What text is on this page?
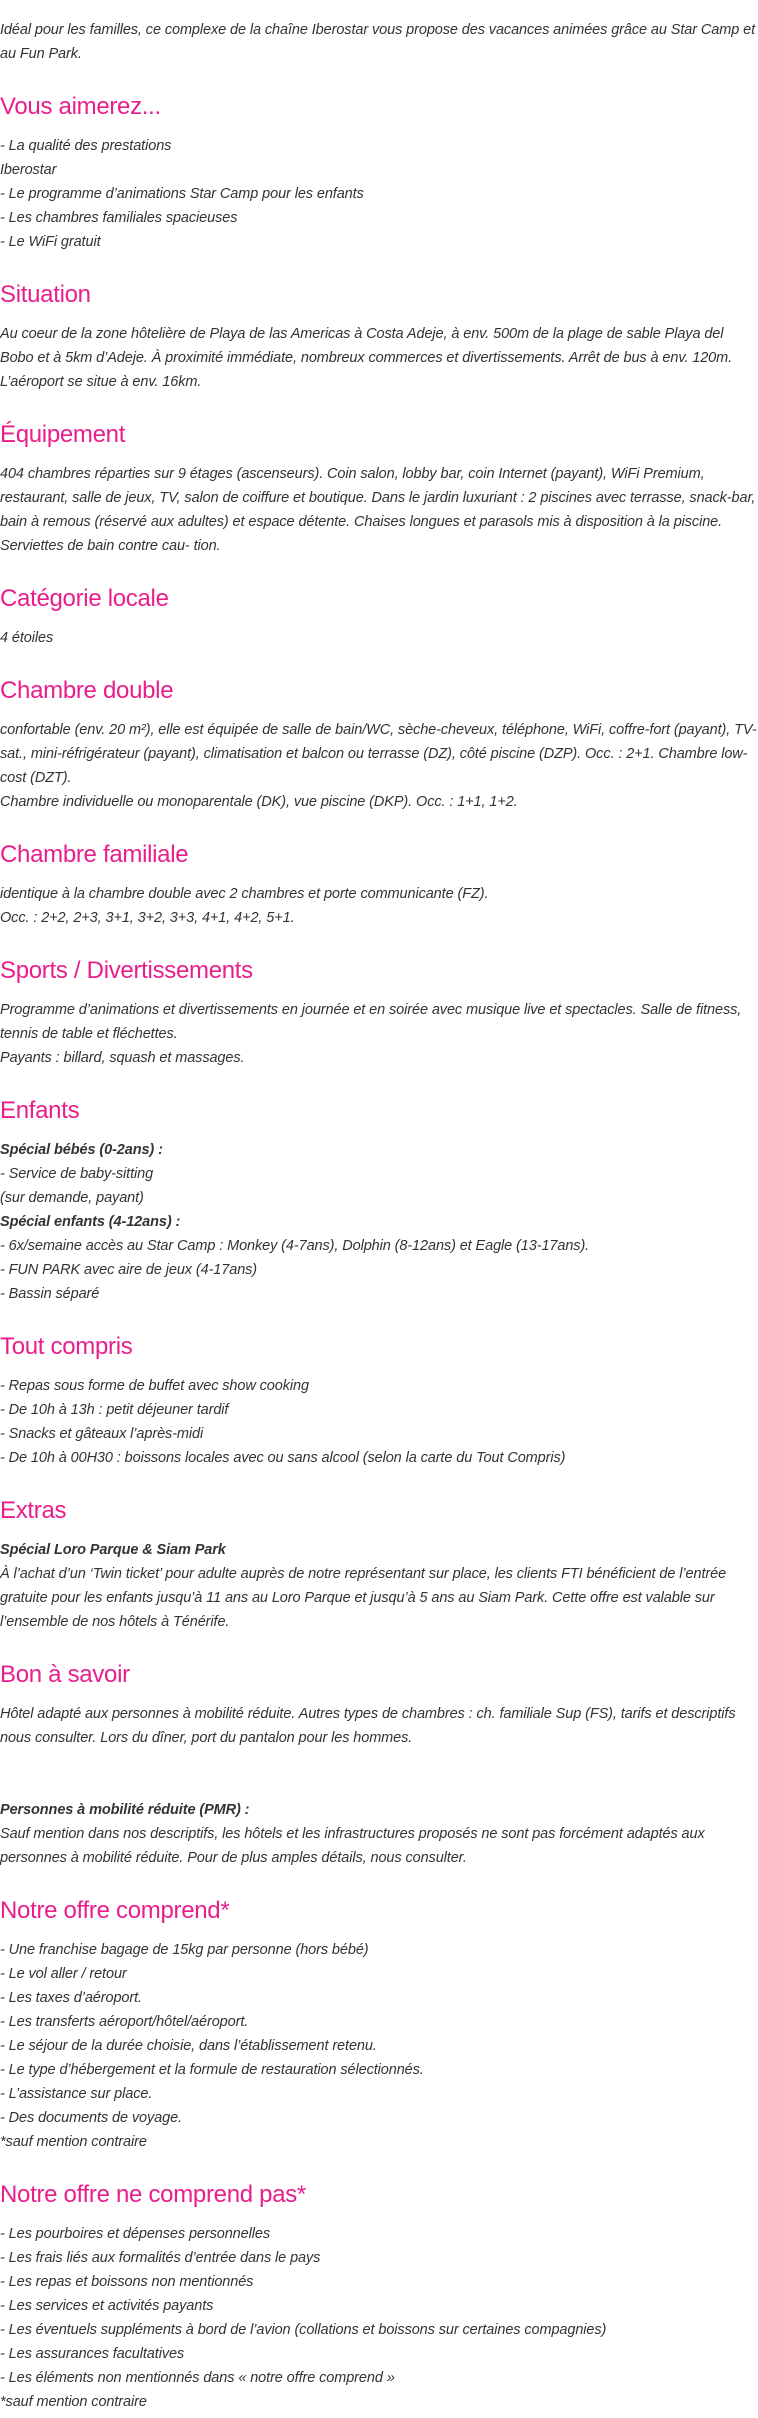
Idéal pour les familles, ce complexe de la chaîne Iberostar vous propose des vacances animées grâce au Star Camp et au Fun Park.

Vous aimerez...

- La qualité des prestations

Iberostar

- Le programme d’animations Star Camp pour les enfants

- Les chambres familiales spacieuses

- Le WiFi gratuit

Situation

Au coeur de la zone hôtelière de Playa de las Americas à Costa Adeje, à env. 500m de la plage de sable Playa del Bobo et à 5km d’Adeje. À proximité immédiate, nombreux commerces et divertissements. Arrêt de bus à env. 120m.

L’aéroport se situe à env. 16km.

Équipement

404 chambres réparties sur 9 étages (ascenseurs). Coin salon, lobby bar, coin Internet (payant), WiFi Premium, restaurant, salle de jeux, TV, salon de coiffure et boutique. Dans le jardin luxuriant : 2 piscines avec terrasse, snack-bar, bain à remous (réservé aux adultes) et espace détente. Chaises longues et parasols mis à disposition à la piscine. Serviettes de bain contre cau- tion.

Catégorie locale

4 étoiles

Chambre double

confortable (env. 20 m²), elle est équipée de salle de bain/WC, sèche-cheveux, téléphone, WiFi, coffre-fort (payant), TV-sat., mini-réfrigérateur (payant), climatisation et balcon ou terrasse (DZ), côté piscine (DZP). Occ. : 2+1. Chambre low-cost (DZT).

Chambre individuelle ou monoparentale (DK), vue piscine (DKP). Occ. : 1+1, 1+2.

Chambre familiale

identique à la chambre double avec 2 chambres et porte communicante (FZ).

Occ. : 2+2, 2+3, 3+1, 3+2, 3+3, 4+1, 4+2, 5+1.

Sports / Divertissements

Programme d’animations et divertissements en journée et en soirée avec musique live et spectacles. Salle de fitness, tennis de table et fléchettes.

Payants : billard, squash et massages.

Enfants

Spécial bébés (0-2ans) :

- Service de baby-sitting

(sur demande, payant)

Spécial enfants (4-12ans) :

- 6x/semaine accès au Star Camp : Monkey (4-7ans), Dolphin (8-12ans) et Eagle (13-17ans).

- FUN PARK avec aire de jeux (4-17ans)

- Bassin séparé

Tout compris

- Repas sous forme de buffet avec show cooking

- De 10h à 13h : petit déjeuner tardif

- Snacks et gâteaux l’après-midi

- De 10h à 00H30 : boissons locales avec ou sans alcool (selon la carte du Tout Compris)

Extras

Spécial Loro Parque & Siam Park

À l’achat d’un ‘Twin ticket’ pour adulte auprès de notre représentant sur place, les clients FTI bénéficient de l’entrée gratuite pour les enfants jusqu’à 11 ans au Loro Parque et jusqu’à 5 ans au Siam Park. Cette offre est valable sur l’ensemble de nos hôtels à Ténérife.

Bon à savoir

Hôtel adapté aux personnes à mobilité réduite. Autres types de chambres : ch. familiale Sup (FS), tarifs et descriptifs nous consulter. Lors du dîner, port du pantalon pour les hommes.

Personnes à mobilité réduite (PMR) :

Sauf mention dans nos descriptifs, les hôtels et les infrastructures proposés ne sont pas forcément adaptés aux personnes à mobilité réduite. Pour de plus amples détails, nous consulter.

Notre offre comprend*

- Une franchise bagage de 15kg par personne (hors bébé)

- Le vol aller / retour

- Les taxes d’aéroport.

- Les transferts aéroport/hôtel/aéroport.

- Le séjour de la durée choisie, dans l’établissement retenu.

- Le type d’hébergement et la formule de restauration sélectionnés.

- L’assistance sur place.

- Des documents de voyage.

*sauf mention contraire

Notre offre ne comprend pas*

- Les pourboires et dépenses personnelles

- Les frais liés aux formalités d’entrée dans le pays

- Les repas et boissons non mentionnés

- Les services et activités payants

- Les éventuels suppléments à bord de l’avion (collations et boissons sur certaines compagnies)

- Les assurances facultatives

- Les éléments non mentionnés dans « notre offre comprend »

*sauf mention contraire
